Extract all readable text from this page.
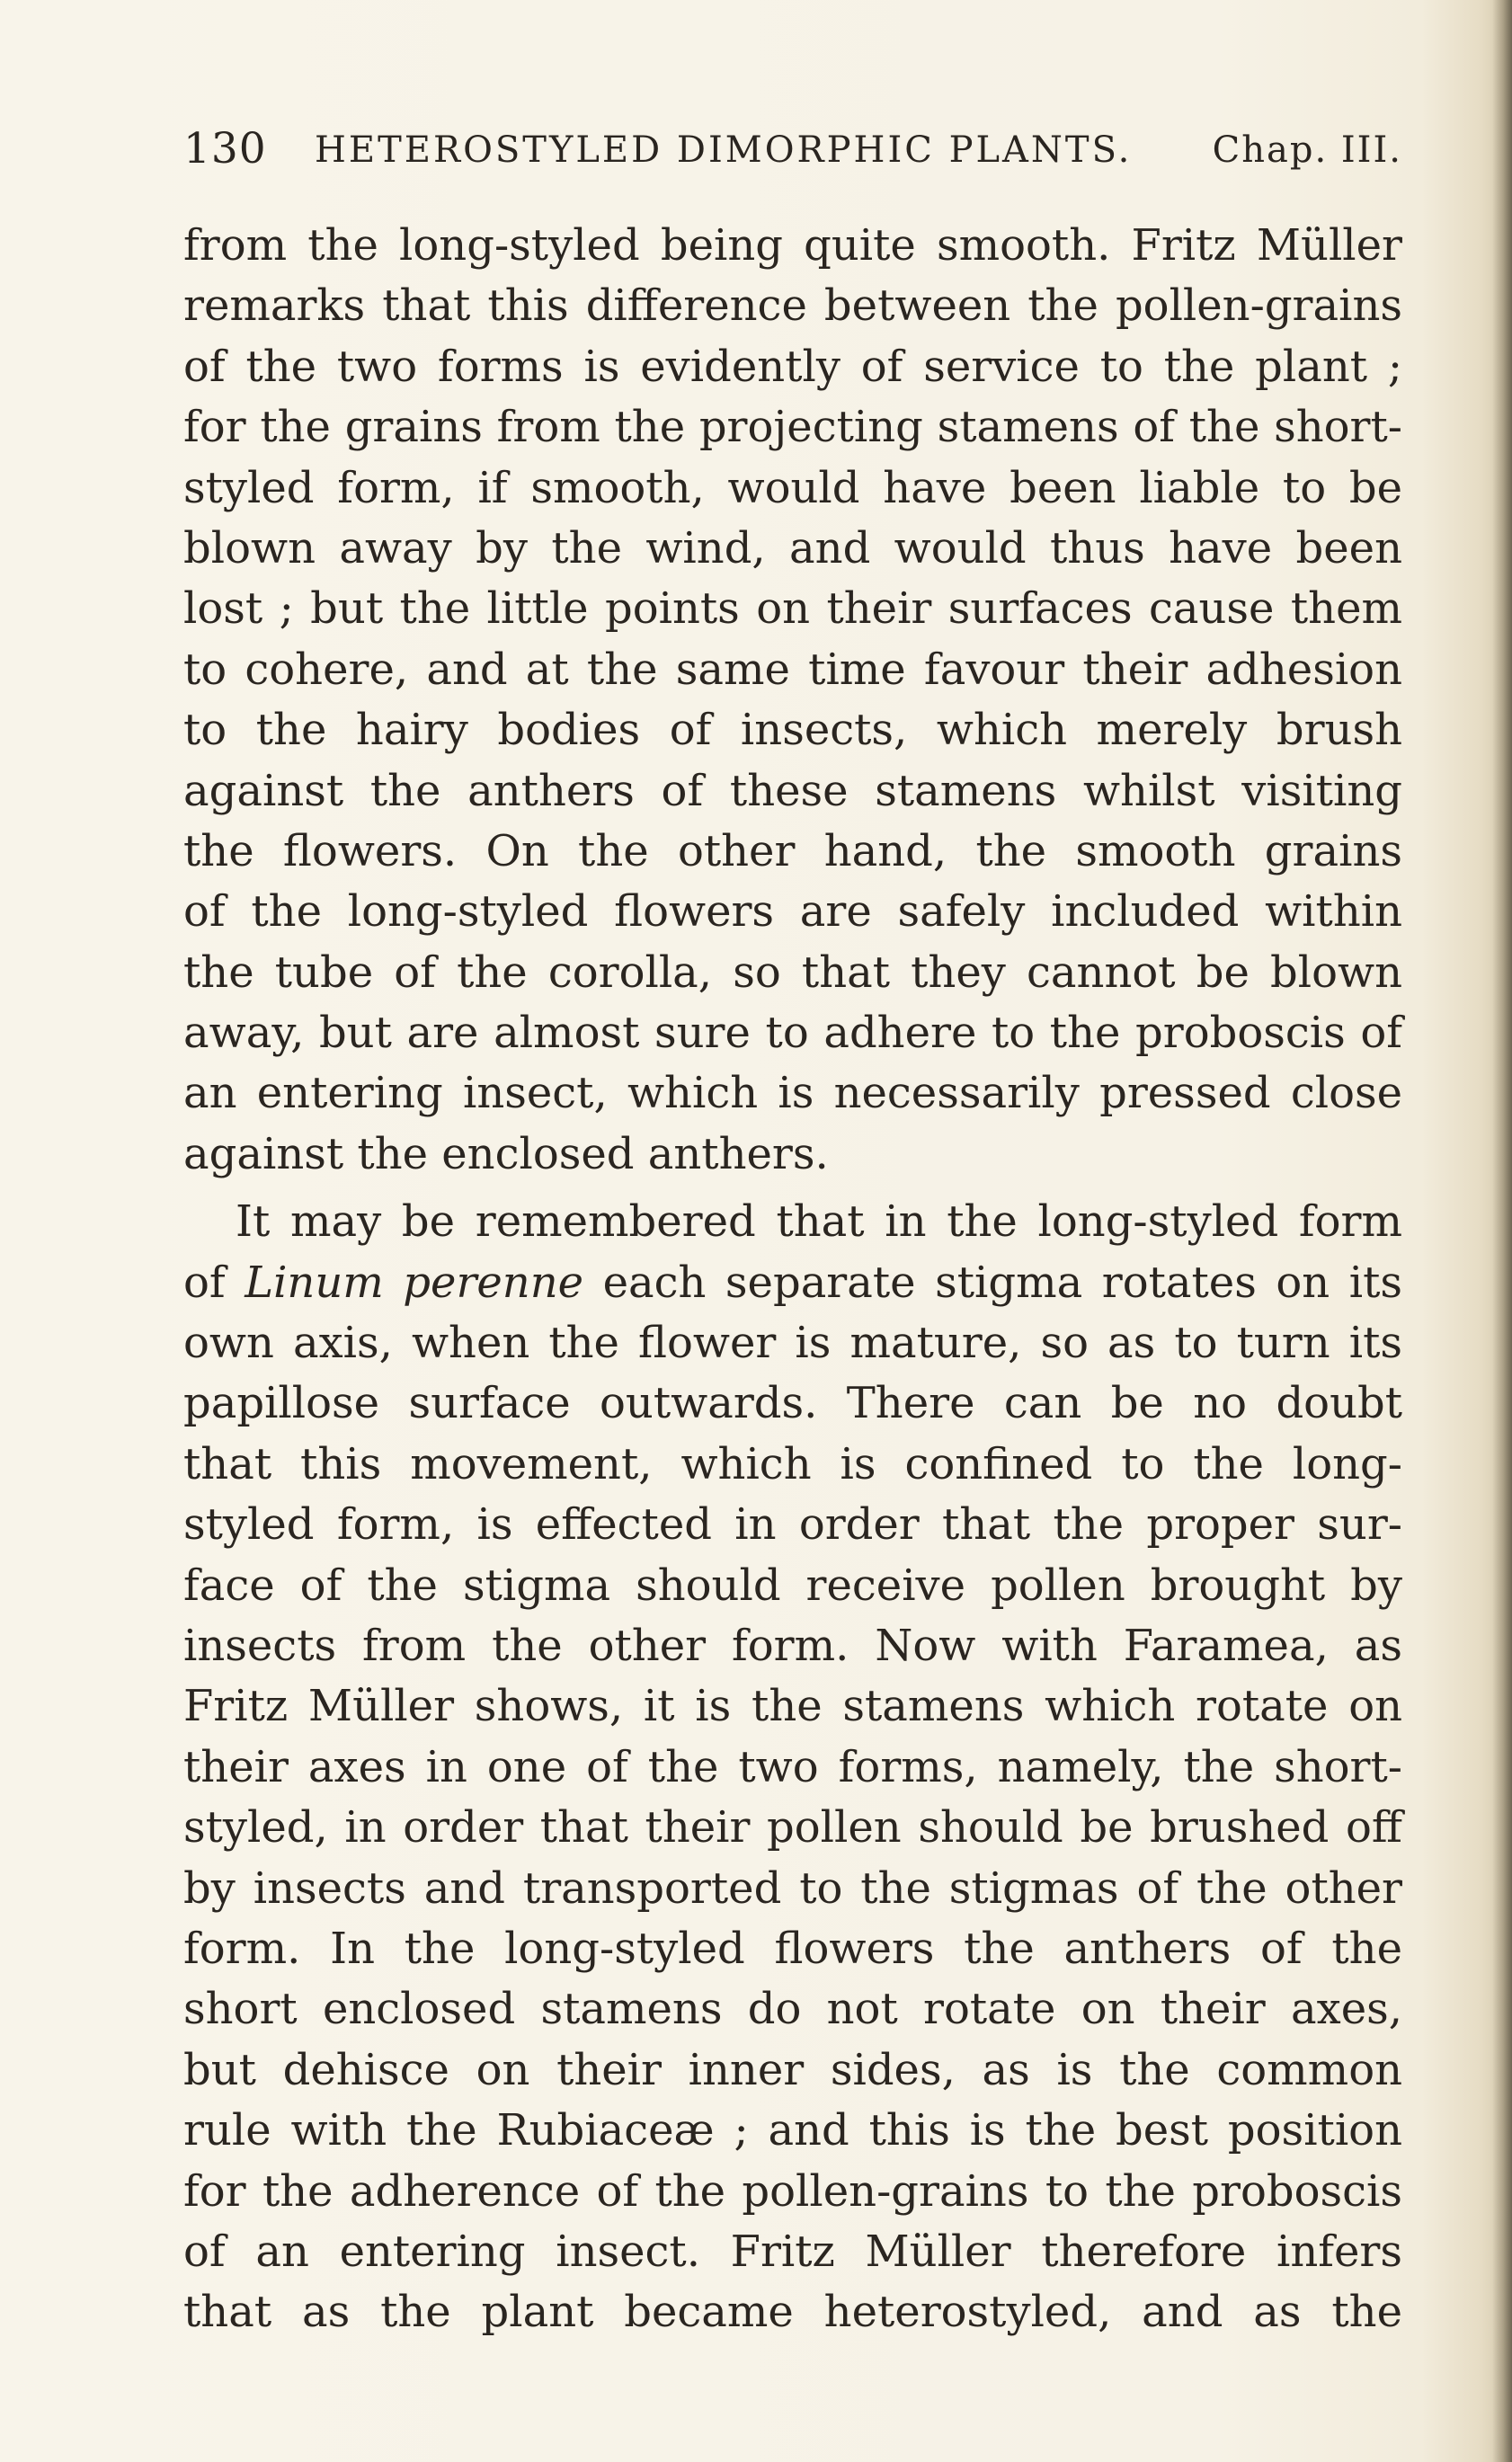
130 HETEROSTYLED DIMORPHIC PLANTS. Chap. III.
from the long-styled being quite smooth. Fritz Müller
remarks that this difference between the pollen-grains
of the two forms is evidently of service to the plant ;
for the grains from the projecting stamens of the short-
styled form, if smooth, would have been liable to be
blown away by the wind, and would thus have been
lost ; but the little points on their surfaces cause them
to cohere, and at the same time favour their adhesion
to the hairy bodies of insects, which merely brush
against the anthers of these stamens whilst visiting
the flowers. On the other hand, the smooth grains
of the long-styled flowers are safely included within
the tube of the corolla, so that they cannot be blown
away, but are almost sure to adhere to the proboscis of
an entering insect, which is necessarily pressed close
against the enclosed anthers.
It may be remembered that in the long-styled form
of Linum perenne each separate stigma rotates on its
own axis, when the flower is mature, so as to turn its
papillose surface outwards. There can be no doubt
that this movement, which is confined to the long-
styled form, is effected in order that the proper sur-
face of the stigma should receive pollen brought by
insects from the other form. Now with Faramea, as
Fritz Müller shows, it is the stamens which rotate on
their axes in one of the two forms, namely, the short-
styled, in order that their pollen should be brushed off
by insects and transported to the stigmas of the other
form. In the long-styled flowers the anthers of the
short enclosed stamens do not rotate on their axes,
but dehisce on their inner sides, as is the common
rule with the Rubiaceæ ; and this is the best position
for the adherence of the pollen-grains to the proboscis
of an entering insect. Fritz Müller therefore infers
that as the plant became heterostyled, and as the
